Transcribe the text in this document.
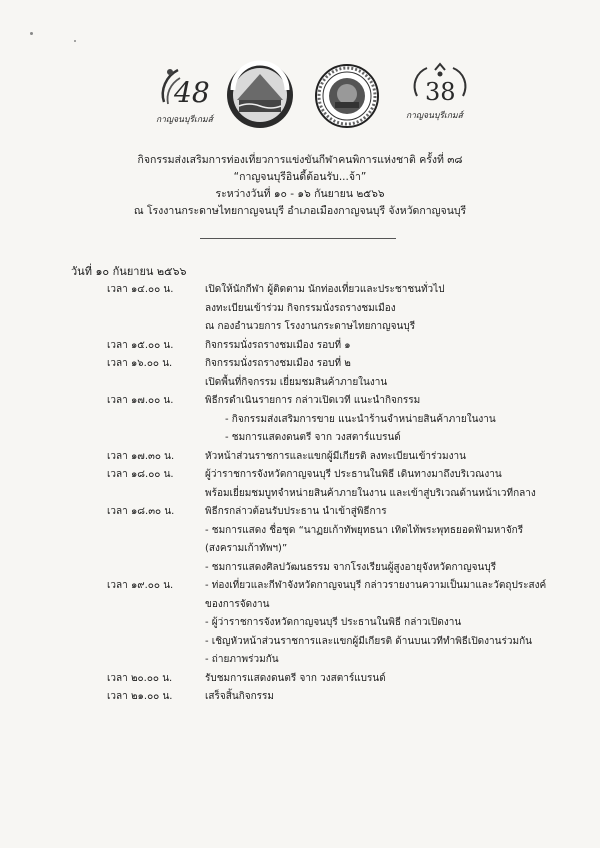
48
กาญจนบุรีเกมส์
38
กาญจนบุรีเกมส์
กิจกรรมส่งเสริมการท่องเที่ยวการแข่งขันกีฬาคนพิการแห่งชาติ ครั้งที่ ๓๘
“กาญจนบุรีอินดี้ต้อนรับ...จ้า”
ระหว่างวันที่ ๑๐ - ๑๖ กันยายน ๒๕๖๖
ณ โรงงานกระดาษไทยกาญจนบุรี อำเภอเมืองกาญจนบุรี จังหวัดกาญจนบุรี
วันที่ ๑๐ กันยายน ๒๕๖๖
เวลา ๑๔.๐๐ น.	เปิดให้นักกีฬา ผู้ติดตาม นักท่องเที่ยวและประชาชนทั่วไป
ลงทะเบียนเข้าร่วม กิจกรรมนั่งรถรางชมเมือง
ณ กองอำนวยการ โรงงานกระดาษไทยกาญจนบุรี
เวลา ๑๕.๐๐ น.	กิจกรรมนั่งรถรางชมเมือง รอบที่ ๑
เวลา ๑๖.๐๐ น.	กิจกรรมนั่งรถรางชมเมือง รอบที่ ๒
เปิดพื้นที่กิจกรรม เยี่ยมชมสินค้าภายในงาน
เวลา ๑๗.๐๐ น.	พิธีกรดำเนินรายการ กล่าวเปิดเวที แนะนำกิจกรรม
- กิจกรรมส่งเสริมการขาย แนะนำร้านจำหน่ายสินค้าภายในงาน
- ชมการแสดงดนตรี จาก วงสตาร์แบรนด์
เวลา ๑๗.๓๐ น.	หัวหน้าส่วนราชการและแขกผู้มีเกียรติ ลงทะเบียนเข้าร่วมงาน
เวลา ๑๘.๐๐ น.	ผู้ว่าราชการจังหวัดกาญจนบุรี ประธานในพิธี เดินทางมาถึงบริเวณงาน
พร้อมเยี่ยมชมบูทจำหน่ายสินค้าภายในงาน และเข้าสู่บริเวณด้านหน้าเวทีกลาง
เวลา ๑๘.๓๐ น.	พิธีกรกล่าวต้อนรับประธาน นำเข้าสู่พิธีการ
- ชมการแสดง ชื่อชุด “นาฏยเก้าทัพยุทธนา เทิดไท้พระพุทธยอดฟ้ามหาจักรี
(สงครามเก้าทัพฯ)”
- ชมการแสดงศิลปวัฒนธรรม จากโรงเรียนผู้สูงอายุจังหวัดกาญจนบุรี
เวลา ๑๙.๐๐ น.	- ท่องเที่ยวและกีฬาจังหวัดกาญจนบุรี กล่าวรายงานความเป็นมาและวัตถุประสงค์
ของการจัดงาน
- ผู้ว่าราชการจังหวัดกาญจนบุรี ประธานในพิธี กล่าวเปิดงาน
- เชิญหัวหน้าส่วนราชการและแขกผู้มีเกียรติ ด้านบนเวทีทำพิธีเปิดงานร่วมกัน
- ถ่ายภาพร่วมกัน
เวลา ๒๐.๐๐ น.	รับชมการแสดงดนตรี จาก วงสตาร์แบรนด์
เวลา ๒๑.๐๐ น.	เสร็จสิ้นกิจกรรม
